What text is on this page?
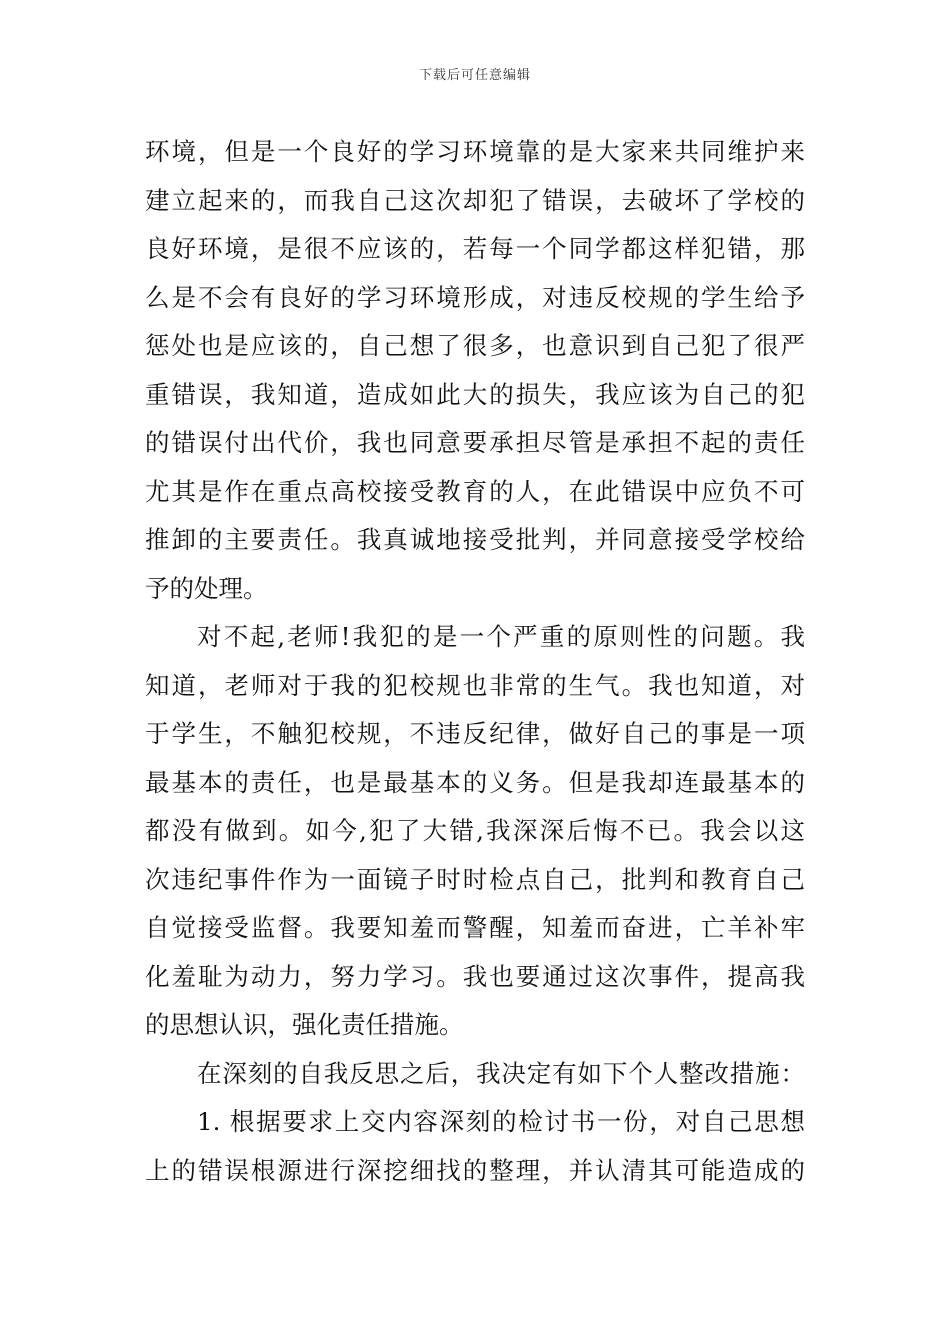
下载后可任意编辑
环境，但是一个良好的学习环境靠的是大家来共同维护来
建立起来的，而我自己这次却犯了错误，去破坏了学校的
良好环境，是很不应该的，若每一个同学都这样犯错，那
么是不会有良好的学习环境形成，对违反校规的学生给予
惩处也是应该的，自己想了很多，也意识到自己犯了很严
重错误，我知道，造成如此大的损失，我应该为自己的犯
的错误付出代价，我也同意要承担尽管是承担不起的责任
尤其是作在重点高校接受教育的人，在此错误中应负不可
推卸的主要责任。我真诚地接受批判，并同意接受学校给
予的处理。
对不起,老师!我犯的是一个严重的原则性的问题。我
知道，老师对于我的犯校规也非常的生气。我也知道，对
于学生，不触犯校规，不违反纪律，做好自己的事是一项
最基本的责任，也是最基本的义务。但是我却连最基本的
都没有做到。如今,犯了大错,我深深后悔不已。我会以这
次违纪事件作为一面镜子时时检点自己，批判和教育自己
自觉接受监督。我要知羞而警醒，知羞而奋进，亡羊补牢
化羞耻为动力，努力学习。我也要通过这次事件，提高我
的思想认识，强化责任措施。
在深刻的自我反思之后，我决定有如下个人整改措施：
1. 根据要求上交内容深刻的检讨书一份，对自己思想
上的错误根源进行深挖细找的整理，并认清其可能造成的
